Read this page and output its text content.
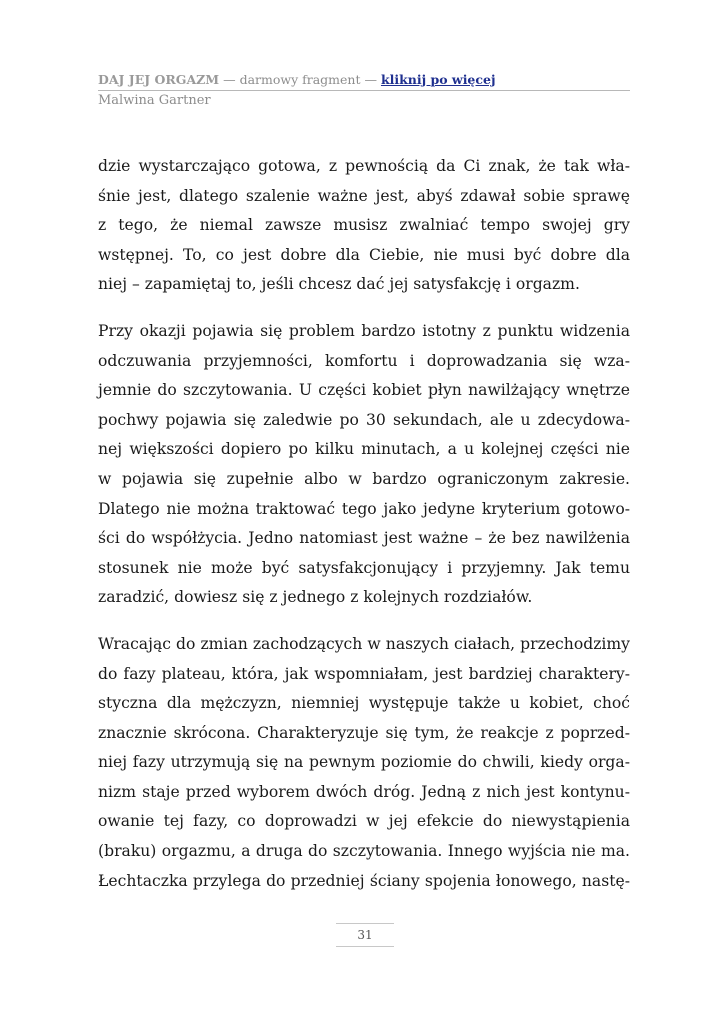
DAJ JEJ ORGAZM — darmowy fragment — kliknij po więcej
Malwina Gartner

dzie wystarczająco gotowa, z pewnością da Ci znak, że tak wła-
śnie jest, dlatego szalenie ważne jest, abyś zdawał sobie sprawę
z tego, że niemal zawsze musisz zwalniać tempo swojej gry
wstępnej. To, co jest dobre dla Ciebie, nie musi być dobre dla
niej – zapamiętaj to, jeśli chcesz dać jej satysfakcję i orgazm.

Przy okazji pojawia się problem bardzo istotny z punktu widzenia
odczuwania przyjemności, komfortu i doprowadzania się wza-
jemnie do szczytowania. U części kobiet płyn nawilżający wnętrze
pochwy pojawia się zaledwie po 30 sekundach, ale u zdecydowa-
nej większości dopiero po kilku minutach, a u kolejnej części nie
w pojawia się zupełnie albo w bardzo ograniczonym zakresie.
Dlatego nie można traktować tego jako jedyne kryterium gotowo-
ści do współżycia. Jedno natomiast jest ważne – że bez nawilżenia
stosunek nie może być satysfakcjonujący i przyjemny. Jak temu
zaradzić, dowiesz się z jednego z kolejnych rozdziałów.

Wracając do zmian zachodzących w naszych ciałach, przechodzimy
do fazy plateau, która, jak wspomniałam, jest bardziej charaktery-
styczna dla mężczyzn, niemniej występuje także u kobiet, choć
znacznie skrócona. Charakteryzuje się tym, że reakcje z poprzed-
niej fazy utrzymują się na pewnym poziomie do chwili, kiedy orga-
nizm staje przed wyborem dwóch dróg. Jedną z nich jest kontynu-
owanie tej fazy, co doprowadzi w jej efekcie do niewystąpienia
(braku) orgazmu, a druga do szczytowania. Innego wyjścia nie ma.
Łechtaczka przylega do przedniej ściany spojenia łonowego, nastę-

31
